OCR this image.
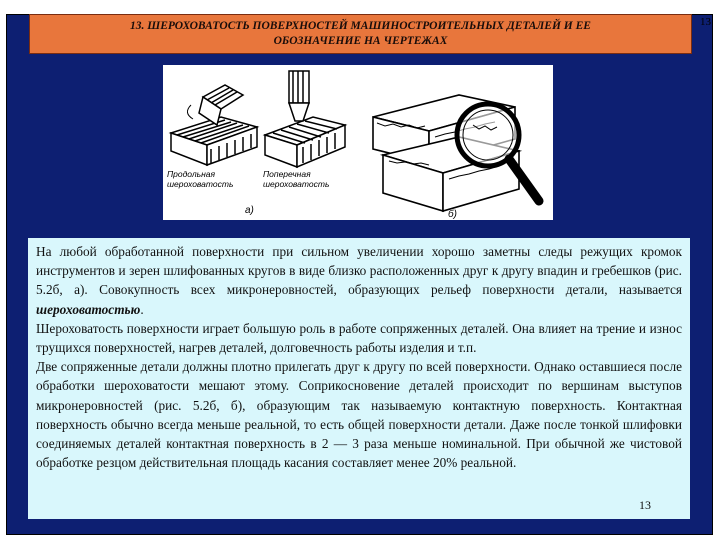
13. ШЕРОХОВАТОСТЬ ПОВЕРХНОСТЕЙ МАШИНОСТРОИТЕЛЬНЫХ ДЕТАЛЕЙ И ЕЕ
ОБОЗНАЧЕНИЕ НА ЧЕРТЕЖАХ
13
Продольная
шероховатость
Поперечная
шероховатость
а)	б)

На любой обработанной поверхности при сильном увеличении хорошо заметны следы режущих кромок инструментов и зерен шлифованных кругов в виде близко расположенных друг к другу впадин и гребешков (рис. 5.2б, а). Совокупность всех микронеровностей, образующих рельеф поверхности детали, называется шероховатостью.

Шероховатость поверхности играет большую роль в работе сопряженных деталей. Она влияет на трение и износ трущихся поверхностей, нагрев деталей, долговечность работы изделия и т.п.

Две сопряженные детали должны плотно прилегать друг к другу по всей поверхности. Однако оставшиеся после обработки шероховатости мешают этому. Соприкосновение деталей происходит по вершинам выступов микронеровностей (рис. 5.2б, б), образующим так называемую контактную поверхность. Контактная поверхность обычно всегда меньше реальной, то есть общей поверхности детали. Даже после тонкой шлифовки соединяемых деталей контактная поверхность в 2 — 3 раза меньше номинальной. При обычной же чистовой обработке резцом действительная площадь касания составляет менее 20% реальной.

13
